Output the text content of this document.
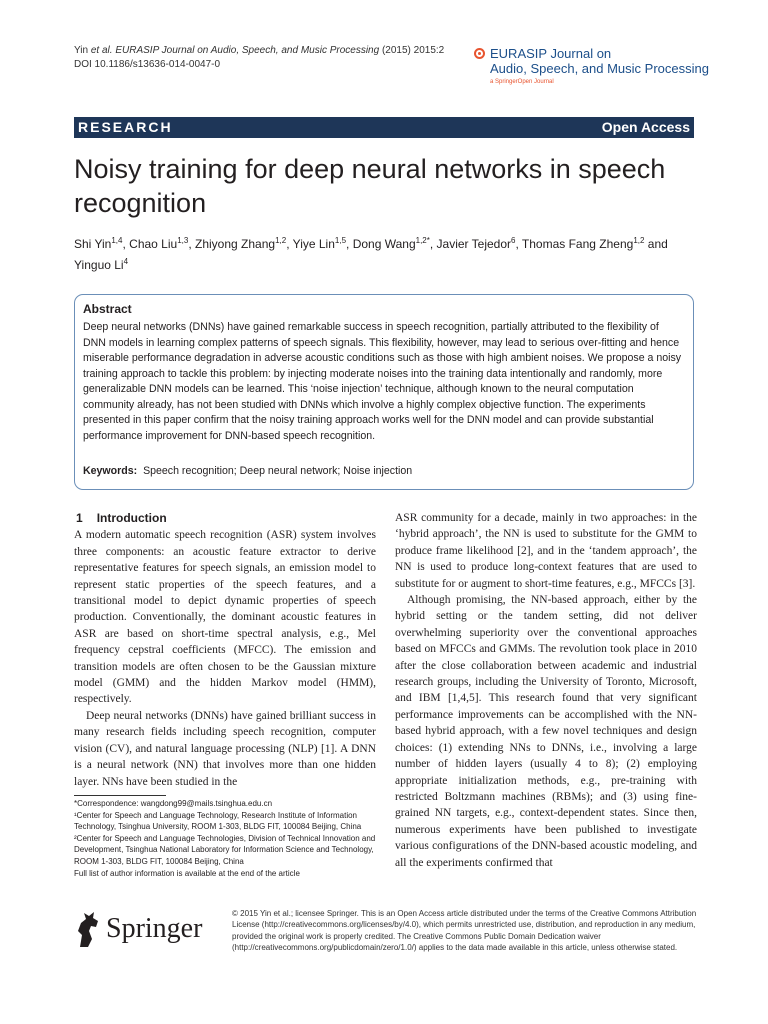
Yin et al. EURASIP Journal on Audio, Speech, and Music Processing (2015) 2015:2
DOI 10.1186/s13636-014-0047-0
EURASIP Journal on
Audio, Speech, and Music Processing
a SpringerOpen Journal
RESEARCH	Open Access
Noisy training for deep neural networks in speech recognition
Shi Yin$^{1,4}$, Chao Liu$^{1,3}$, Zhiyong Zhang$^{1,2}$, Yiye Lin$^{1,5}$, Dong Wang$^{1,2*}$, Javier Tejedor$^6$, Thomas Fang Zheng$^{1,2}$ and Yinguo Li$^4$
Abstract
Deep neural networks (DNNs) have gained remarkable success in speech recognition, partially attributed to the flexibility of DNN models in learning complex patterns of speech signals. This flexibility, however, may lead to serious over-fitting and hence miserable performance degradation in adverse acoustic conditions such as those with high ambient noises. We propose a noisy training approach to tackle this problem: by injecting moderate noises into the training data intentionally and randomly, more generalizable DNN models can be learned. This ‘noise injection’ technique, although known to the neural computation community already, has not been studied with DNNs which involve a highly complex objective function. The experiments presented in this paper confirm that the noisy training approach works well for the DNN model and can provide substantial performance improvement for DNN-based speech recognition.
Keywords: Speech recognition; Deep neural network; Noise injection
1 Introduction

A modern automatic speech recognition (ASR) system involves three components: an acoustic feature extractor to derive representative features for speech signals, an emission model to represent static properties of the speech features, and a transitional model to depict dynamic properties of speech production. Conventionally, the dominant acoustic features in ASR are based on short-time spectral analysis, e.g., Mel frequency cepstral coefficients (MFCC). The emission and transition models are often chosen to be the Gaussian mixture model (GMM) and the hidden Markov model (HMM), respectively.

Deep neural networks (DNNs) have gained brilliant success in many research fields including speech recognition, computer vision (CV), and natural language processing (NLP) [1]. A DNN is a neural network (NN) that involves more than one hidden layer. NNs have been studied in the

ASR community for a decade, mainly in two approaches: in the ‘hybrid approach’, the NN is used to substitute for the GMM to produce frame likelihood [2], and in the ‘tandem approach’, the NN is used to produce long-context features that are used to substitute for or augment to short-time features, e.g., MFCCs [3].

Although promising, the NN-based approach, either by the hybrid setting or the tandem setting, did not deliver overwhelming superiority over the conventional approaches based on MFCCs and GMMs. The revolution took place in 2010 after the close collaboration between academic and industrial research groups, including the University of Toronto, Microsoft, and IBM [1,4,5]. This research found that very significant performance improvements can be accomplished with the NN-based hybrid approach, with a few novel techniques and design choices: (1) extending NNs to DNNs, i.e., involving a large number of hidden layers (usually 4 to 8); (2) employing appropriate initialization methods, e.g., pre-training with restricted Boltzmann machines (RBMs); and (3) using fine-grained NN targets, e.g., context-dependent states. Since then, numerous experiments have been published to investigate various configurations of the DNN-based acoustic modeling, and all the experiments confirmed that

*Correspondence: wangdong99@mails.tsinghua.edu.cn

¹Center for Speech and Language Technology, Research Institute of Information Technology, Tsinghua University, ROOM 1-303, BLDG FIT, 100084 Beijing, China

²Center for Speech and Language Technologies, Division of Technical Innovation and Development, Tsinghua National Laboratory for Information Science and Technology, ROOM 1-303, BLDG FIT, 100084 Beijing, China

Full list of author information is available at the end of the article

Springer	© 2015 Yin et al.; licensee Springer. This is an Open Access article distributed under the terms of the Creative Commons Attribution License (http://creativecommons.org/licenses/by/4.0), which permits unrestricted use, distribution, and reproduction in any medium, provided the original work is properly credited. The Creative Commons Public Domain Dedication waiver (http://creativecommons.org/publicdomain/zero/1.0/) applies to the data made available in this article, unless otherwise stated.
